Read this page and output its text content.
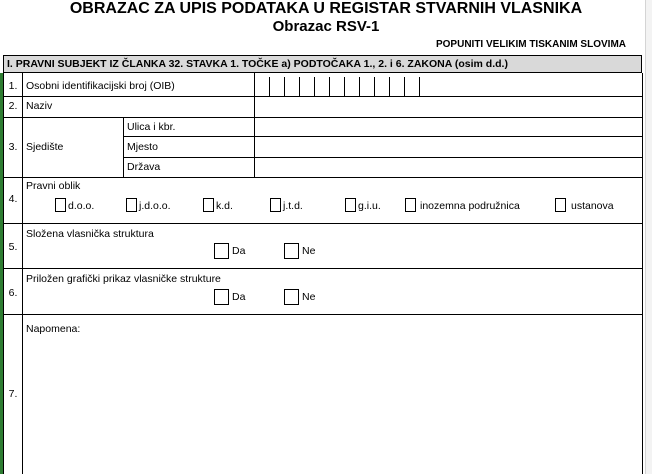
OBRAZAC ZA UPIS PODATAKA U REGISTAR STVARNIH VLASNIKA
Obrazac RSV-1
POPUNITI VELIKIM TISKANIM SLOVIMA
I. PRAVNI SUBJEKT IZ ČLANKA 32. STAVKA 1. TOČKE a) PODTOČAKA 1., 2. i 6. ZAKONA (osim d.d.)
1. Osobni identifikacijski broj (OIB)
2. Naziv
3. Sjedište
Ulica i kbr.
Mjesto
Država
4.
Pravni oblik
d.o.o.	j.d.o.o.	k.d.	j.t.d.	g.i.u.	inozemna podružnica	ustanova
5.
Složena vlasnička struktura
Da	Ne
6.
Priložen grafički prikaz vlasničke strukture
Da	Ne
7.
Napomena:
